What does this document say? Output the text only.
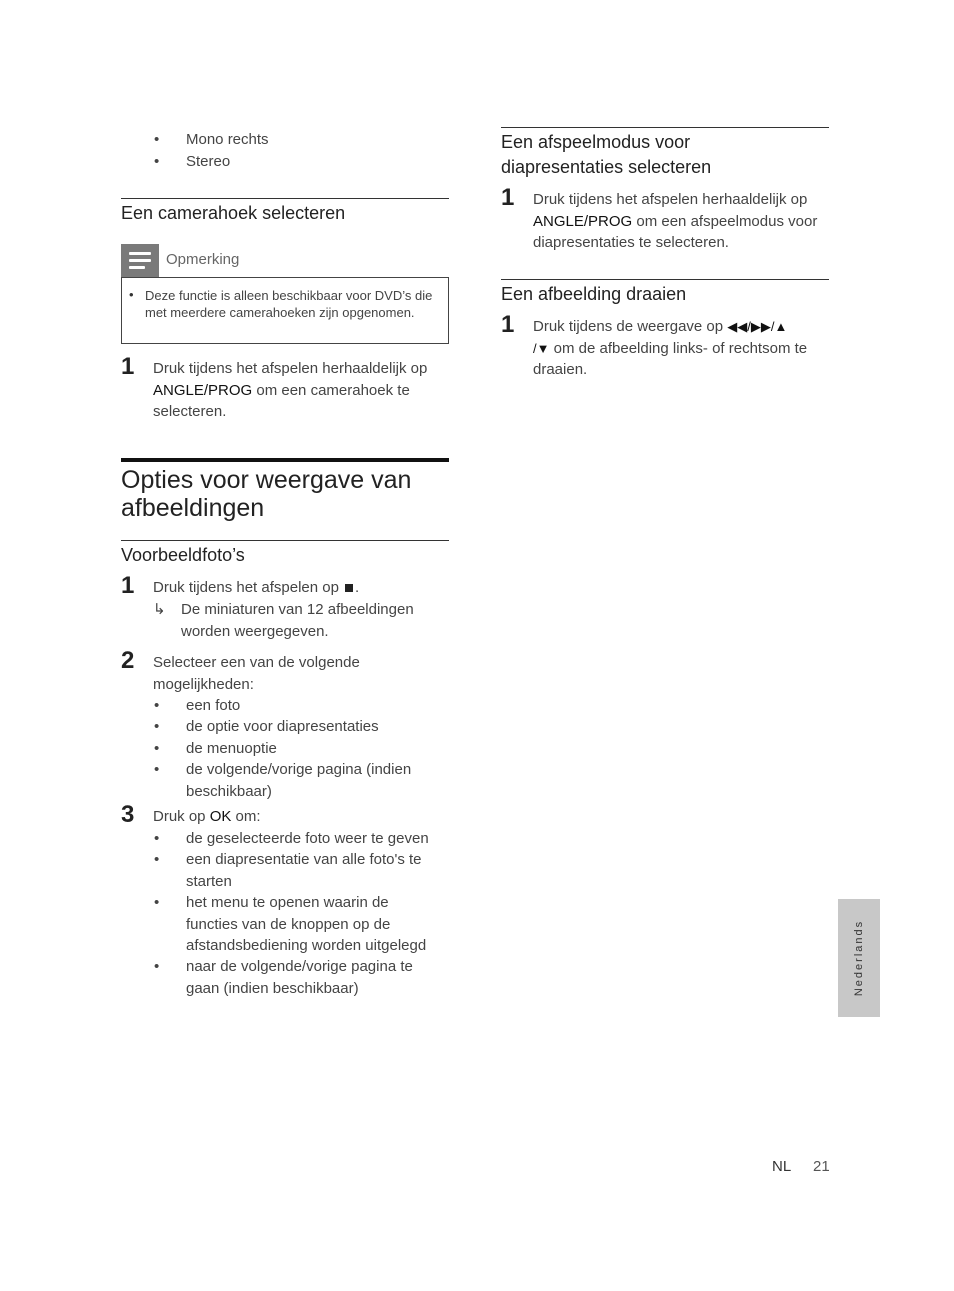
• Mono rechts
• Stereo
Een camerahoek selecteren
Opmerking
• Deze functie is alleen beschikbaar voor DVD’s die met meerdere camerahoeken zijn opgenomen.
1 Druk tijdens het afspelen herhaaldelijk op ANGLE/PROG om een camerahoek te selecteren.
Opties voor weergave van afbeeldingen
Voorbeeldfoto’s
1 Druk tijdens het afspelen op .
↳ De miniaturen van 12 afbeeldingen worden weergegeven.
2 Selecteer een van de volgende mogelijkheden:
• een foto
• de optie voor diapresentaties
• de menuoptie
• de volgende/vorige pagina (indien beschikbaar)
3 Druk op OK om:
• de geselecteerde foto weer te geven
• een diapresentatie van alle foto's te starten
• het menu te openen waarin de functies van de knoppen op de afstandsbediening worden uitgelegd
• naar de volgende/vorige pagina te gaan (indien beschikbaar)
Een afspeelmodus voor diapresentaties selecteren
1 Druk tijdens het afspelen herhaaldelijk op ANGLE/PROG om een afspeelmodus voor diapresentaties te selecteren.
Een afbeelding draaien
1 Druk tijdens de weergave op ◀◀/▶▶/▲
/▼ om de afbeelding links- of rechtsom te draaien.
Nederlands
NL 21
